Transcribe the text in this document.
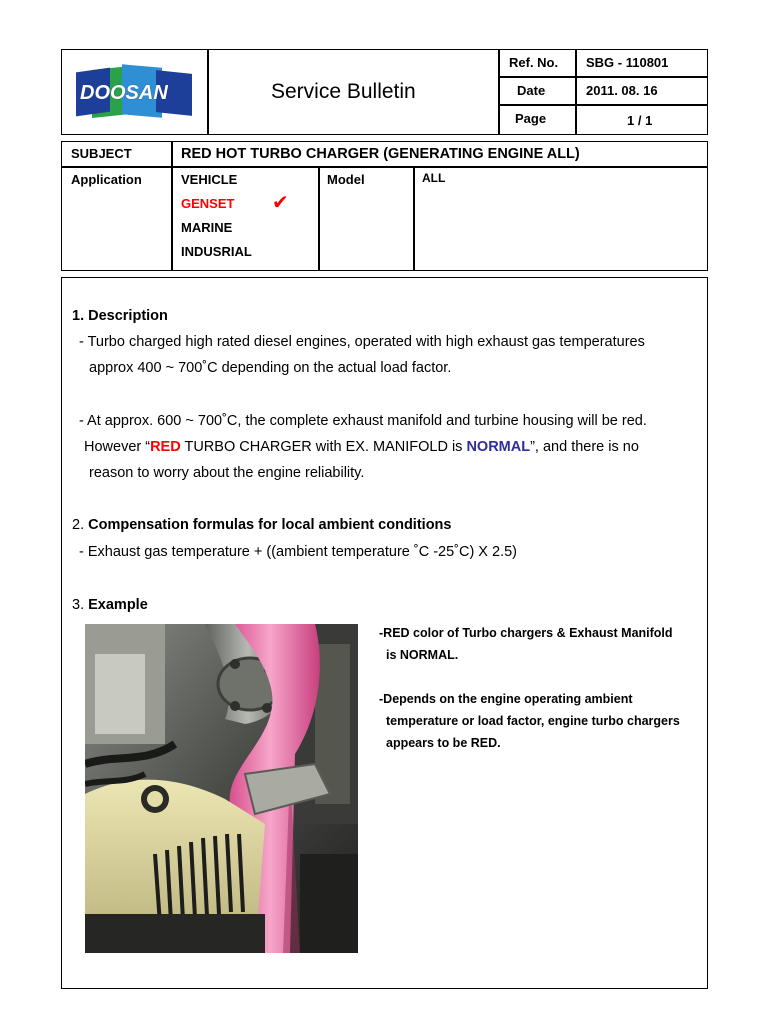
DOOSAN	Service Bulletin
Ref. No. SBG - 110801
Date	2011. 08. 16
Page	1 / 1
SUBJECT	RED HOT TURBO CHARGER (GENERATING ENGINE ALL)
Application	VEHICLE
GENSET ✔
MARINE
INDUSRIAL
Model	ALL
1. Description
- Turbo charged high rated diesel engines, operated with high exhaust gas temperatures
approx 400 ~ 700˚C depending on the actual load factor.
- At approx. 600 ~ 700˚C, the complete exhaust manifold and turbine housing will be red.
However “RED TURBO CHARGER with EX. MANIFOLD is NORMAL”, and there is no
reason to worry about the engine reliability.
2. Compensation formulas for local ambient conditions
- Exhaust gas temperature + ((ambient temperature ˚C -25˚C) X 2.5)
3. Example
-RED color of Turbo chargers & Exhaust Manifold
is NORMAL.
-Depends on the engine operating ambient
temperature or load factor, engine turbo chargers
appears to be RED.
